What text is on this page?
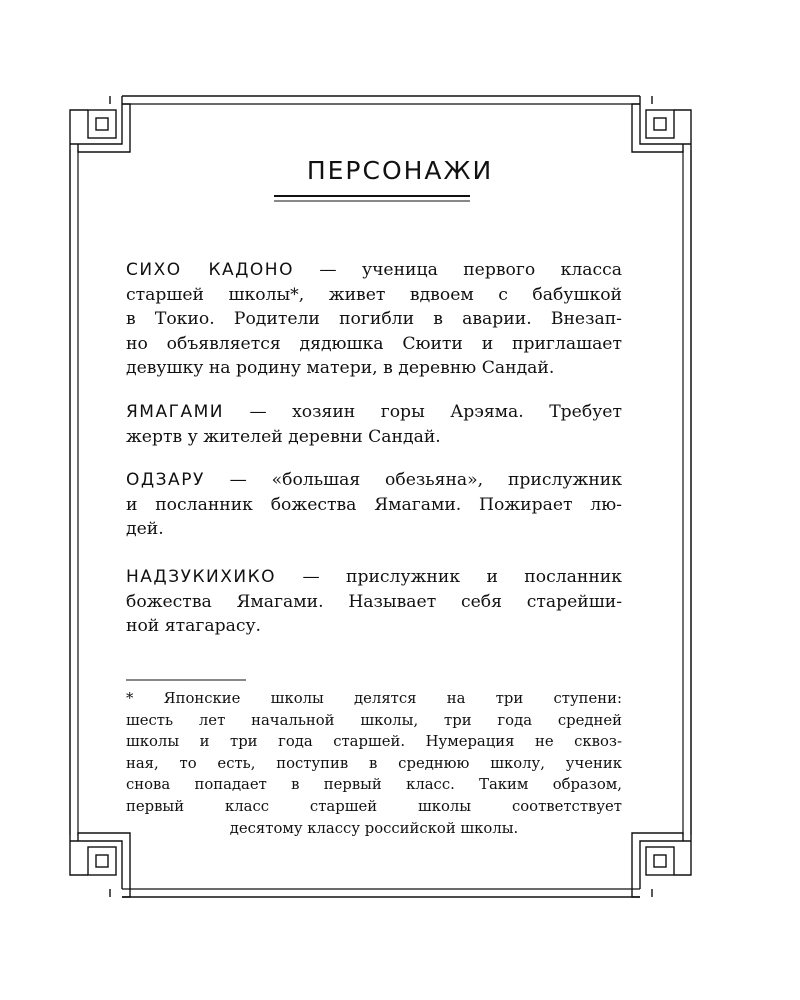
ПЕРСОНАЖИ
СИХО КАДОНО — ученица первого класса
старшей школы*, живет вдвоем с бабушкой
в Токио. Родители погибли в аварии. Внезап-
но объявляется дядюшка Сюити и приглашает
девушку на родину матери, в деревню Сандай.
ЯМАГАМИ — хозяин горы Арэяма. Требует
жертв у жителей деревни Сандай.
ОДЗАРУ — «большая обезьяна», прислужник
и посланник божества Ямагами. Пожирает лю-
дей.
НАДЗУКИХИКО — прислужник и посланник
божества Ямагами. Называет себя старейши-
ной ятагарасу.
* Японские школы делятся на три ступени:
шесть лет начальной школы, три года средней
школы и три года старшей. Нумерация не сквоз-
ная, то есть, поступив в среднюю школу, ученик
снова попадает в первый класс. Таким образом,
первый класс старшей школы соответствует
десятому классу российской школы.
